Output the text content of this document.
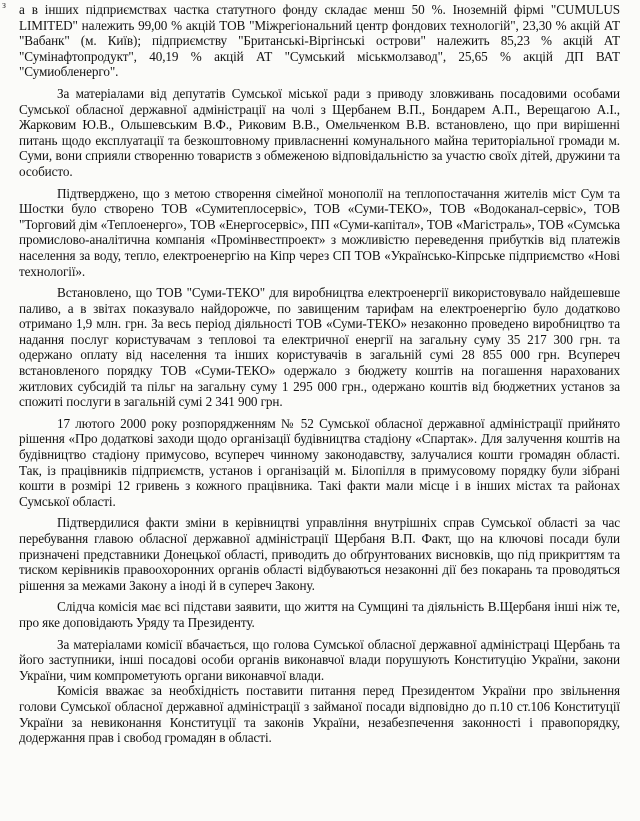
з а в інших підприємствах частка статутного фонду складає менш 50 %. Іноземній фірмі "CUMULUS LIMITED" належить 99,00 % акцій ТОВ "Міжрегіональний центр фондових технологій", 23,30 % акцій АТ "Вабанк" (м. Київ); підприємству "Британські-Віргінські острови" належить 85,23 % акцій АТ "Сумінафтопродукт", 40,19 % акцій АТ "Сумський міськмолзавод", 25,65 % акцій ДП ВАТ "Сумиобленерго".

За матеріалами від депутатів Сумської міської ради з приводу зловживань посадовими особами Сумської обласної державної адміністрації на чолі з Щербанем В.П., Бондарем А.П., Верещагою А.І., Жарковим Ю.В., Ольшевським В.Ф., Риковим В.В., Омельченком В.В. встановлено, що при вирішенні питань щодо експлуатації та безкоштовному привласненні комунального майна територіальної громади м. Суми, вони сприяли створенню товариств з обмеженою відповідальністю за участю своїх дітей, дружини та особисто.

Підтверджено, що з метою створення сімейної монополії на теплопостачання жителів міст Сум та Шостки було створено ТОВ «Сумитеплосервіс», ТОВ «Суми-ТЕКО», ТОВ «Водоканал-сервіс», ТОВ "Торговий дім «Теплоенерго», ТОВ «Енергосервіс», ПП «Суми-капітал», ТОВ «Магістраль», ТОВ «Сумська промислово-аналітична компанія «Промінвестпроект» з можливістю переведення прибутків від платежів населення за воду, тепло, електроенергію на Кіпр через СП ТОВ «Українсько-Кіпрське підприємство «Нові технології».

Встановлено, що ТОВ "Суми-ТЕКО" для виробництва електроенергії використовувало найдешевше паливо, а в звітах показувало найдорожче, по завищеним тарифам на електроенергію було додатково отримано 1,9 млн. грн. За весь період діяльності ТОВ «Суми-ТЕКО» незаконно проведено виробництво та надання послуг користувачам з тепловоі та електричної енергії на загальну суму 35 217 300 грн. та одержано оплату від населення та інших користувачів в загальній сумі 28 855 000 грн. Всупереч встановленого порядку ТОВ «Суми-ТЕКО» одержало з бюджету коштів на погашення нарахованих житлових субсидій та пільг на загальну суму 1 295 000 грн., одержано коштів від бюджетних установ за спожиті послуги в загальній сумі 2 341 900 грн.

17 лютого 2000 року розпорядженням № 52 Сумської обласної державної адміністрації прийнято рішення «Про додаткові заходи щодо організації будівництва стадіону «Спартак». Для залучення коштів на будівництво стадіону примусово, всупереч чинному законодавству, залучалися кошти громадян області. Так, із працівників підприємств, установ і організацій м. Білопілля в примусовому порядку були зібрані кошти в розмірі 12 гривень з кожного працівника. Такі факти мали місце і в інших містах та районах Сумської області.

Підтвердилися факти зміни в керівництві управління внутрішніх справ Сумської області за час перебування главою обласної державної адміністрації Щербаня В.П. Факт, що на ключові посади були призначені представники Донецької області, приводить до обґрунтованих висновків, що під прикриттям та тиском керівників правоохоронних органів області відбуваються незаконні дії без покарань та проводяться рішення за межами Закону а іноді й в супереч Закону.

Слідча комісія має всі підстави заявити, що життя на Сумщині та діяльність В.Щербаня інші ніж те, про яке доповідають Уряду та Президенту.

За матеріалами комісії вбачається, що голова Сумської обласної державної адміністраці Щербань та його заступники, інші посадові особи органів виконавчої влади порушують Конституцію України, закони України, чим компрометують органи виконавчої влади.

Комісія вважає за необхідність поставити питання перед Президентом України про звільнення голови Сумської обласної державної адміністрації з займаної посади відповідно до п.10 ст.106 Конституції України за невиконання Конституції та законів України, незабезпечення законності і правопорядку, додержання прав і свобод громадян в області.
